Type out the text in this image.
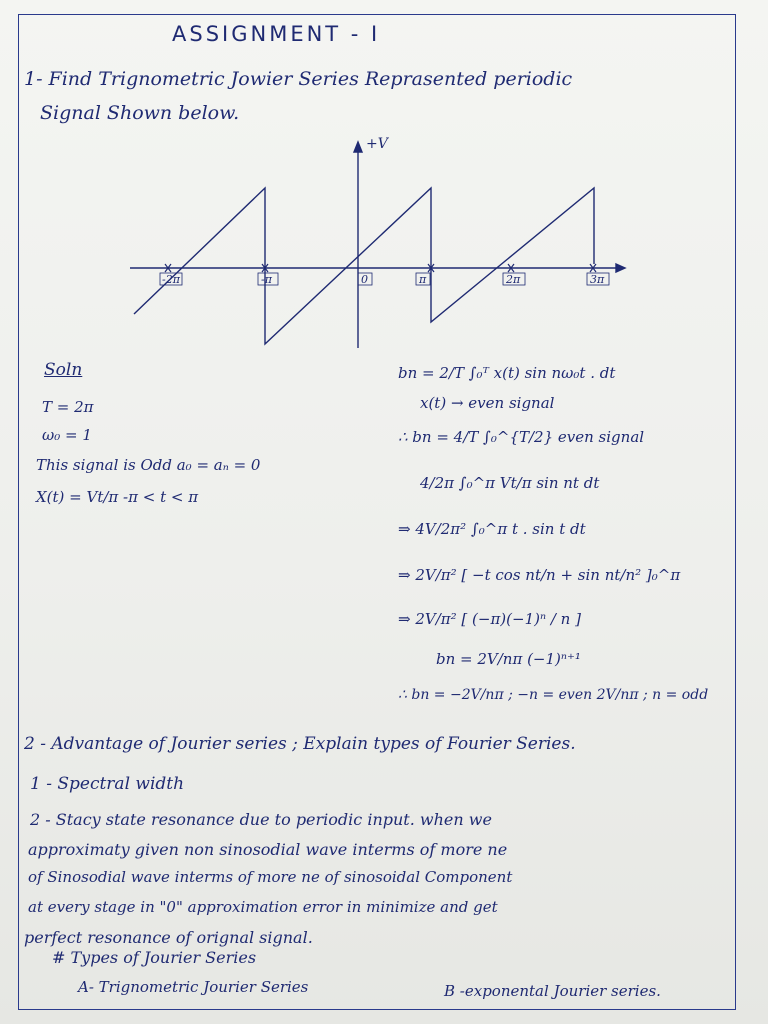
ASSIGNMENT - I
1- Find Trignometric Jowier Series Reprasented periodic
Signal Shown below.
+V
-2π	-π	0	π	2π	3π
Soln
T = 2π
ω₀ = 1
This signal is Odd a₀ = aₙ = 0
X(t) = Vt/π -π < t < π
bn = 2/T ∫₀ᵀ x(t) sin nω₀t . dt
x(t) → even signal
∴ bn = 4/T ∫₀^{T/2} even signal
4/2π ∫₀^π Vt/π sin nt dt
⇒ 4V/2π² ∫₀^π t . sin t dt
⇒ 2V/π² [ −t cos nt/n + sin nt/n² ]₀^π
⇒ 2V/π² [ (−π)(−1)ⁿ / n ]
bn = 2V/nπ (−1)ⁿ⁺¹
∴ bn = −2V/nπ ; −n = even 2V/nπ ; n = odd
2 - Advantage of Jourier series ; Explain types of Fourier Series.
1 - Spectral width
2 - Stacy state resonance due to periodic input. when we
approximaty given non sinosodial wave interms of more ne
of Sinosodial wave interms of more ne of sinosoidal Component
at every stage in "0" approximation error in minimize and get
perfect resonance of orignal signal.
# Types of Jourier Series
A- Trignometric Jourier Series	B -exponental Jourier series.
